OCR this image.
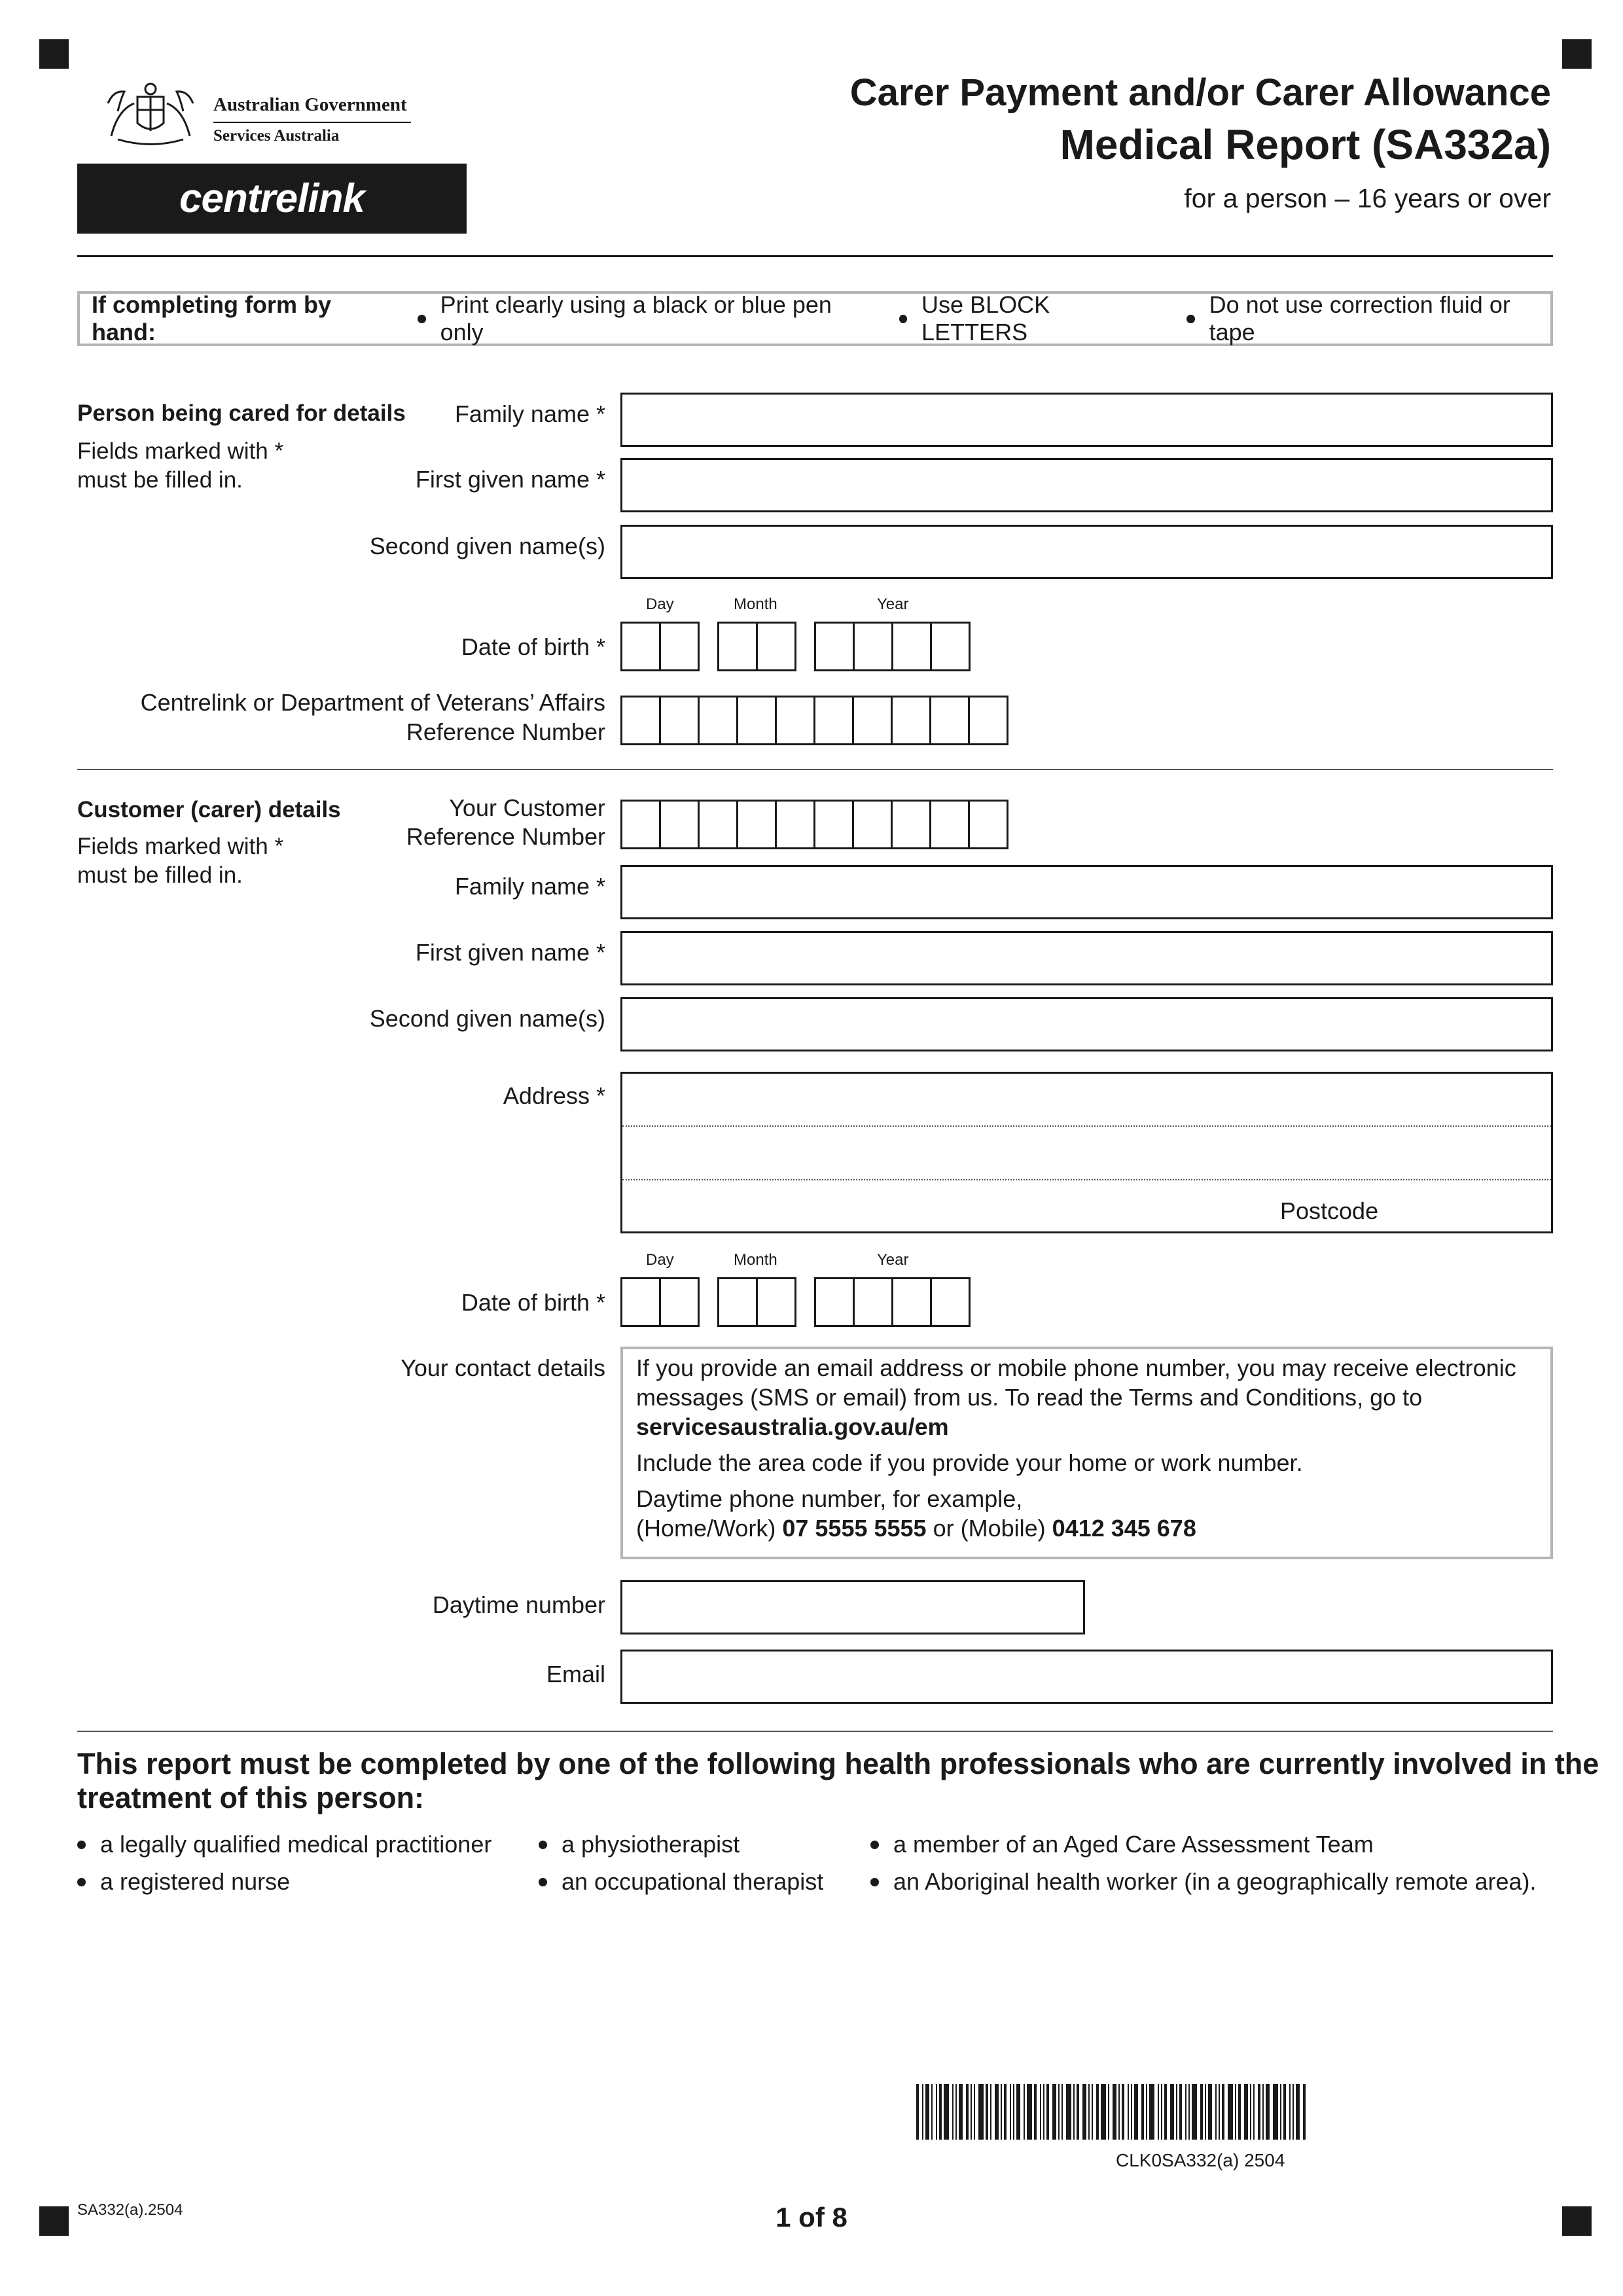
Australian Government
Services Australia
centrelink
Carer Payment and/or Carer Allowance
Medical Report (SA332a)
for a person – 16 years or over
If completing form by hand:
Print clearly using a black or blue pen only
Use BLOCK LETTERS
Do not use correction fluid or tape
Person being cared for details
Fields marked with *
must be filled in.
Family name *
First given name *
Second given name(s)
Day	Month	Year
Date of birth *
Centrelink or Department of Veterans’ Affairs
Reference Number
Customer (carer) details
Fields marked with *
must be filled in.
Your Customer
Reference Number
Family name *
First given name *
Second given name(s)
Address *
Postcode
Day	Month	Year
Date of birth *
Your contact details If you provide an email address or mobile phone number, you may receive electronic

messages (SMS or email) from us. To read the Terms and Conditions, go to

servicesaustralia.gov.au/em

Include the area code if you provide your home or work number.

Daytime phone number, for example,

(Home/Work) 07 5555 5555 or (Mobile) 0412 345 678

Daytime number
Email
This report must be completed by one of the following health professionals who are currently involved in the
treatment of this person:
a legally qualified medical practitioner
a registered nurse
a physiotherapist
an occupational therapist
a member of an Aged Care Assessment Team
an Aboriginal health worker (in a geographically remote area).
CLK0SA332(a) 2504
SA332(a).2504	1 of 8
